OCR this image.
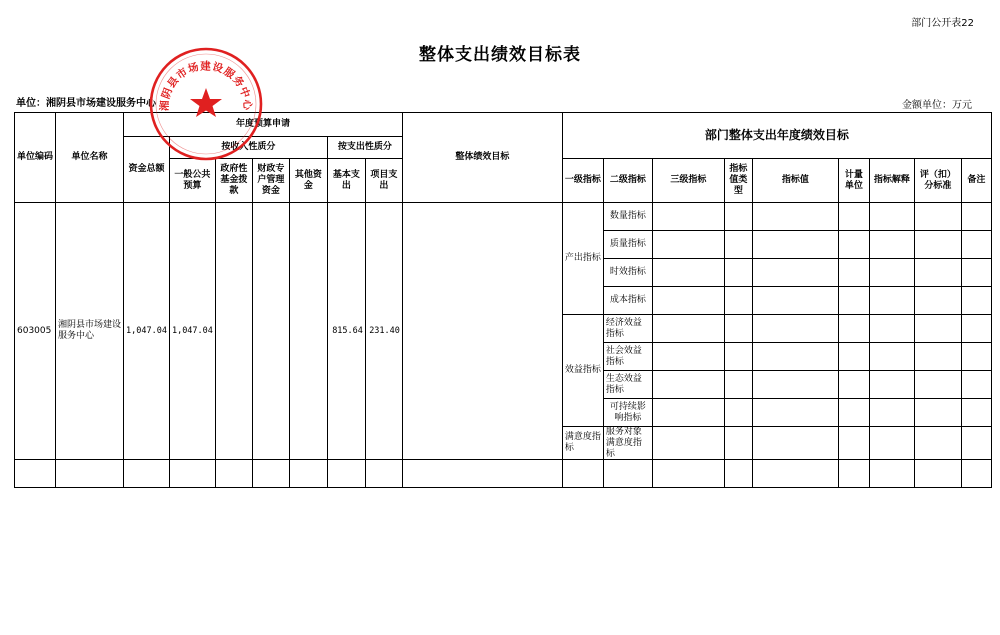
部门公开表22
整体支出绩效目标表
单位：湘阴县市场建设服务中心	金额单位：万元
单位编码	单位名称	年度预算申请							整体绩效目标	部门整体支出年度绩效目标								
		资金总额	按收入性质分				按支出性质分											
			一般公共预算	政府性基金拨款	财政专户管理资金	其他资金	基本支出	项目支出		一级指标	二级指标	三级指标	指标值类型	指标值	计量单位	指标解释	评（扣）分标准	备注

603005	湘阴县市场建设服务中心	1,047.04	1,047.04				815.64	231.40		产出指标	数量指标							
											质量指标							
											时效指标							
											成本指标							
										效益指标	经济效益指标							
											社会效益指标							
											生态效益指标							
											可持续影响指标							
										满意度指标	服务对象满意度指标							

湘阴县市场建设服务中心
